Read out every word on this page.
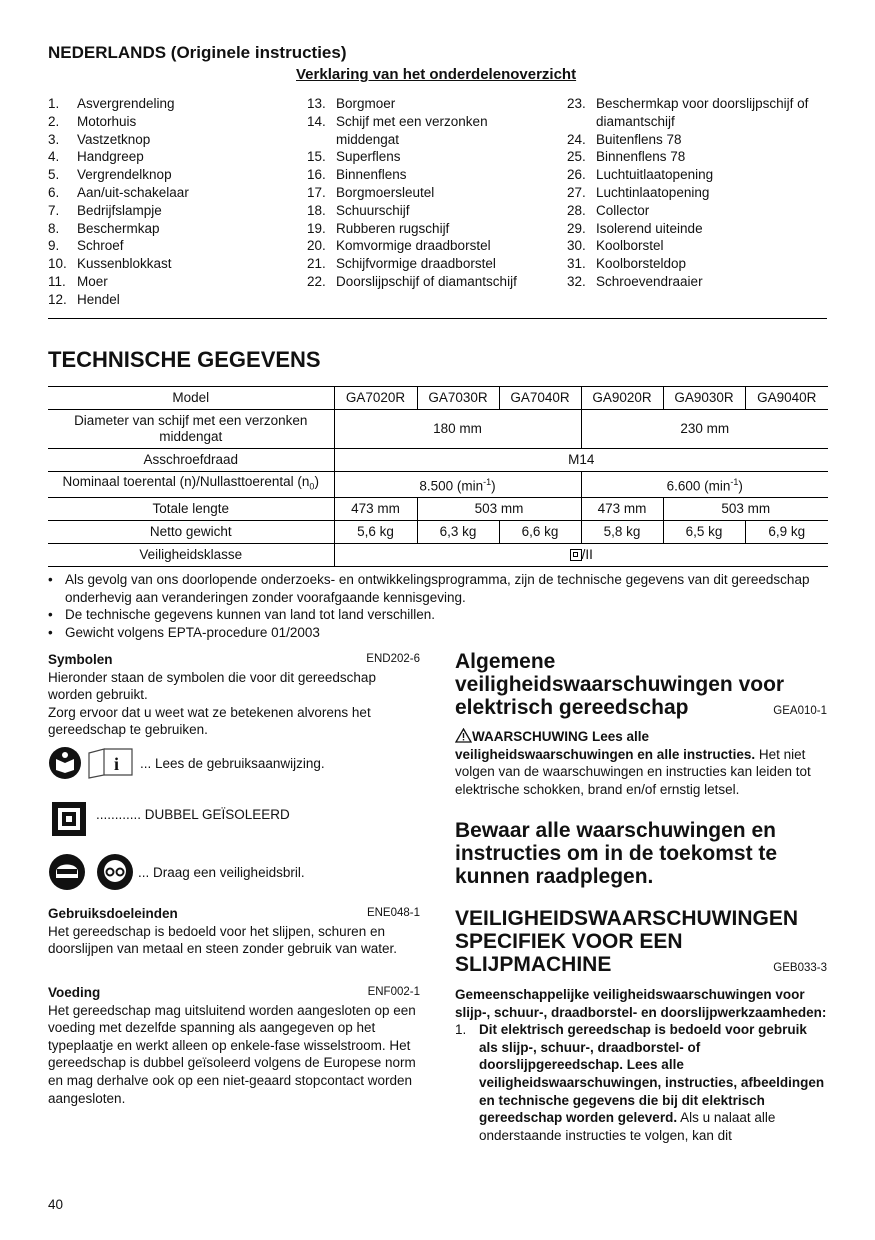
NEDERLANDS (Originele instructies)
Verklaring van het onderdelenoverzicht
1.	Asvergrendeling
2.	Motorhuis
3.	Vastzetknop
4.	Handgreep
5.	Vergrendelknop
6.	Aan/uit-schakelaar
7.	Bedrijfslampje
8.	Beschermkap
9.	Schroef
10. Kussenblokkast
11. Moer
12. Hendel
13. Borgmoer
14. Schijf met een verzonken middengat
15. Superflens
16. Binnenflens
17. Borgmoersleutel
18. Schuurschijf
19. Rubberen rugschijf
20. Komvormige draadborstel
21. Schijfvormige draadborstel
22. Doorslijpschijf of diamantschijf
23. Beschermkap voor doorslijpschijf of diamantschijf
24. Buitenflens 78
25. Binnenflens 78
26. Luchtuitlaatopening
27. Luchtinlaatopening
28. Collector
29. Isolerend uiteinde
30. Koolborstel
31. Koolborsteldop
32. Schroevendraaier
TECHNISCHE GEGEVENS
Model	GA7020R	GA7030R	GA7040R	GA9020R	GA9030R	GA9040R
Diameter van schijf met een verzonken middengat	180 mm			230 mm		
Asschroefdraad	M14					
Nominaal toerental (n)/Nullasttoerental $(n_0)$	8.500 $(\min^{-1})$			6.600 $(\min^{-1})$		
Totale lengte	473 mm	503 mm		473 mm	503 mm	
Netto gewicht	5,6 kg	6,3 kg	6,6 kg	5,8 kg	6,5 kg	6,9 kg
Veiligheidsklasse	/II					
• Als gevolg van ons doorlopende onderzoeks- en ontwikkelingsprogramma, zijn de technische gegevens van dit gereedschap onderhevig aan veranderingen zonder voorafgaande kennisgeving.
• De technische gegevens kunnen van land tot land verschillen.
• Gewicht volgens EPTA-procedure 01/2003
Symbolen	END202-6
Hieronder staan de symbolen die voor dit gereedschap worden gebruikt.
Zorg ervoor dat u weet wat ze betekenen alvorens het gereedschap te gebruiken.
i ... Lees de gebruiksaanwijzing.
............ DUBBEL GEÏSOLEERD
... Draag een veiligheidsbril.
Gebruiksdoeleinden	ENE048-1
Het gereedschap is bedoeld voor het slijpen, schuren en doorslijpen van metaal en steen zonder gebruik van water.
Voeding	ENF002-1
Het gereedschap mag uitsluitend worden aangesloten op een voeding met dezelfde spanning als aangegeven op het typeplaatje en werkt alleen op enkele-fase wisselstroom. Het gereedschap is dubbel geïsoleerd volgens de Europese norm en mag derhalve ook op een niet-geaard stopcontact worden aangesloten.
Algemene
veiligheidswaarschuwingen voor
elektrisch gereedschap	GEA010-1
WAARSCHUWING Lees alle veiligheidswaarschuwingen en alle instructies. Het niet volgen van de waarschuwingen en instructies kan leiden tot elektrische schokken, brand en/of ernstig letsel.
Bewaar alle waarschuwingen en instructies om in de toekomst te kunnen raadplegen.
VEILIGHEIDSWAARSCHUWINGEN
SPECIFIEK VOOR EEN
SLIJPMACHINE	GEB033-3
Gemeenschappelijke veiligheidswaarschuwingen voor slijp-, schuur-, draadborstel- en doorslijpwerkzaamheden:
1. Dit elektrisch gereedschap is bedoeld voor gebruik als slijp-, schuur-, draadborstel- of doorslijpgereedschap. Lees alle veiligheidswaarschuwingen, instructies, afbeeldingen en technische gegevens die bij dit elektrisch gereedschap worden geleverd. Als u nalaat alle onderstaande instructies te volgen, kan dit
40
